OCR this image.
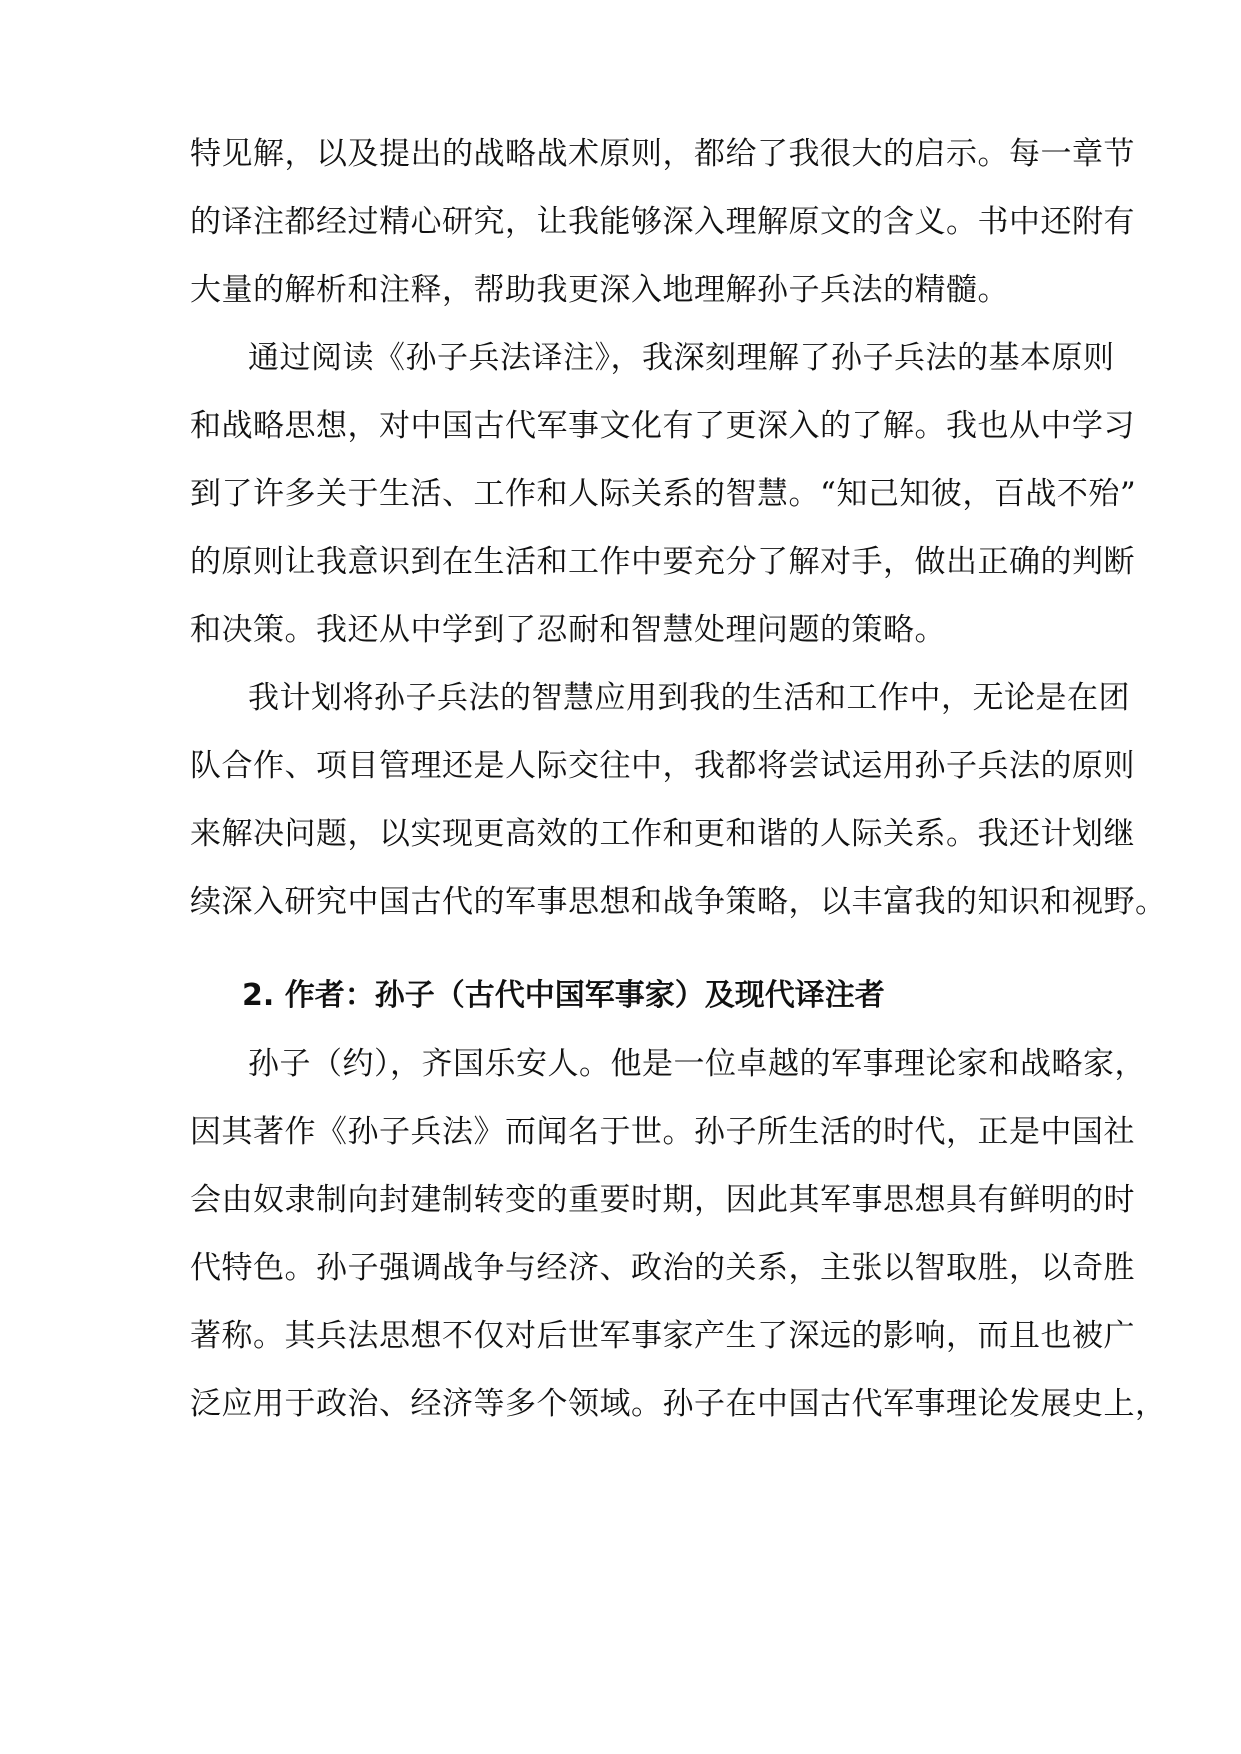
特见解，以及提出的战略战术原则，都给了我很大的启示。每一章节
的译注都经过精心研究，让我能够深入理解原文的含义。书中还附有
大量的解析和注释，帮助我更深入地理解孙子兵法的精髓。
通过阅读《孙子兵法译注》，我深刻理解了孙子兵法的基本原则
和战略思想，对中国古代军事文化有了更深入的了解。我也从中学习
到了许多关于生活、工作和人际关系的智慧。“知己知彼，百战不殆”
的原则让我意识到在生活和工作中要充分了解对手，做出正确的判断
和决策。我还从中学到了忍耐和智慧处理问题的策略。
我计划将孙子兵法的智慧应用到我的生活和工作中，无论是在团
队合作、项目管理还是人际交往中，我都将尝试运用孙子兵法的原则
来解决问题，以实现更高效的工作和更和谐的人际关系。我还计划继
续深入研究中国古代的军事思想和战争策略，以丰富我的知识和视野。
孙子（约），齐国乐安人。他是一位卓越的军事理论家和战略家，
因其著作《孙子兵法》而闻名于世。孙子所生活的时代，正是中国社
会由奴隶制向封建制转变的重要时期，因此其军事思想具有鲜明的时
代特色。孙子强调战争与经济、政治的关系，主张以智取胜，以奇胜
著称。其兵法思想不仅对后世军事家产生了深远的影响，而且也被广
泛应用于政治、经济等多个领域。孙子在中国古代军事理论发展史上，
2. 作者：孙子（古代中国军事家）及现代译注者
